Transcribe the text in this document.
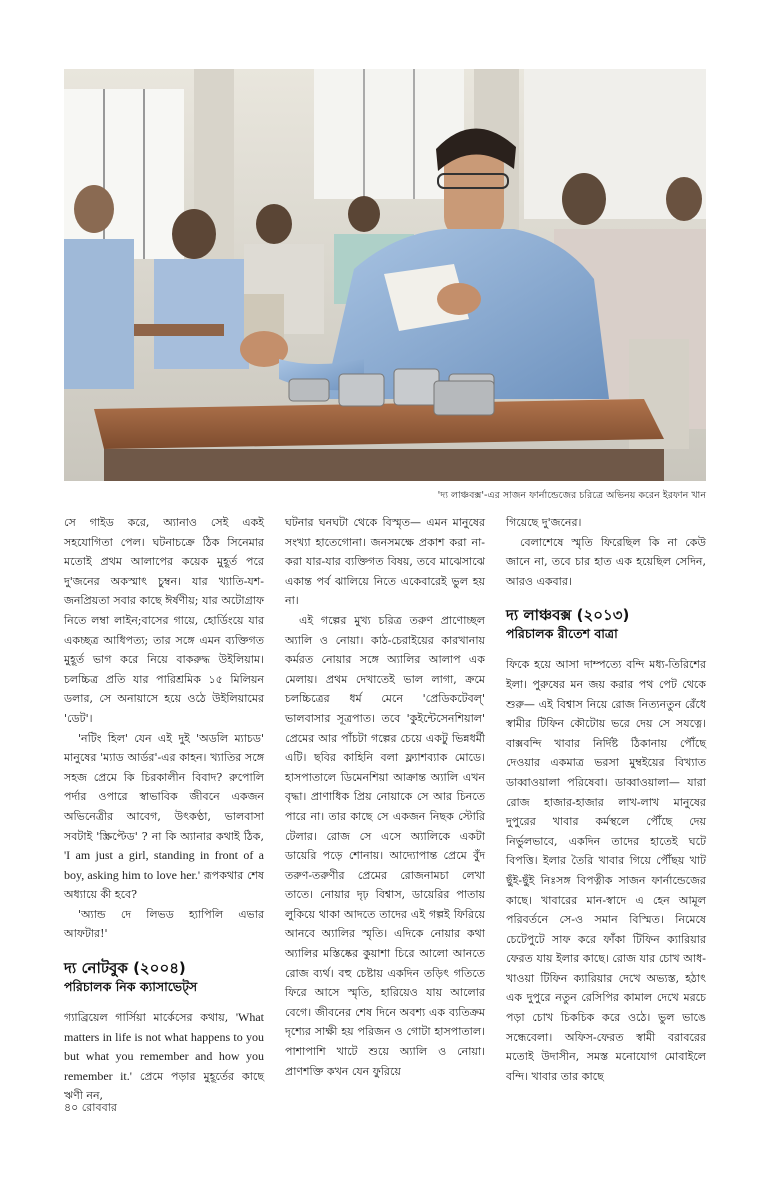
'দ্য লাঞ্চবক্স'-এর সাজন ফার্নান্ডেজের চরিত্রে অভিনয় করেন ইরফান খান

সে গাইড করে, অ্যানাও সেই একই সহযোগিতা পেল। ঘটনাচক্রে ঠিক সিনেমার মতোই প্রথম আলাপের কয়েক মুহূর্ত পরে দু'জনের অকস্মাৎ চুম্বন। যার খ্যাতি-যশ-জনপ্রিয়তা সবার কাছে ঈর্ষণীয়; যার অটোগ্রাফ নিতে লম্বা লাইন;বাসের গায়ে, হোর্ডিংয়ে যার একচ্ছত্র আধিপত্য; তার সঙ্গে এমন ব্যক্তিগত মুহূর্ত ভাগ করে নিয়ে বাকরুদ্ধ উইলিয়াম। চলচ্চিত্র প্রতি যার পারিশ্রমিক ১৫ মিলিয়ন ডলার, সে অনায়াসে হয়ে ওঠে উইলিয়ামের 'ডেট'।

'নটিং হিল' যেন এই দুই 'অডলি ম্যাচড' মানুষের 'ম্যাড আর্ডর'-এর কাহন। খ্যাতির সঙ্গে সহজ প্রেমে কি চিরকালীন বিবাদ? রুপোলি পর্দার ওপারে স্বাভাবিক জীবনে একজন অভিনেত্রীর আবেগ, উৎকণ্ঠা, ভালবাসা সবটাই 'স্ক্রিপ্টেড' ? না কি অ্যানার কথাই ঠিক, 'I am just a girl, standing in front of a boy, asking him to love her.' রূপকথার শেষ অধ্যায়ে কী হবে?

'অ্যান্ড দে লিভড হ্যাপিলি এভার আফটার!'

দ্য নোটবুক (২০০৪)

পরিচালক নিক ক্যাসাভেট্‌স

গ্যাব্রিয়েল গার্সিয়া মার্কেসের কথায়, 'What matters in life is not what happens to you but what you remember and how you remember it.' প্রেমে পড়ার মুহূর্তের কাছে ঋণী নন,

ঘটনার ঘনঘটা থেকে বিস্মৃত— এমন মানুষের সংখ্যা হাতেগোনা। জনসমক্ষে প্রকাশ করা না-করা যার-যার ব্যক্তিগত বিষয়, তবে মাঝেসাঝে একান্ত পর্ব ঝালিয়ে নিতে একেবারেই ভুল হয় না।

এই গল্পের মুখ্য চরিত্র তরুণ প্রাণোচ্ছল অ্যালি ও নোয়া। কাঠ-চেরাইয়ের কারখানায় কর্মরত নোয়ার সঙ্গে অ্যালির আলাপ এক মেলায়। প্রথম দেখাতেই ভাল লাগা, ক্রমে চলচ্চিত্রের ধর্ম মেনে 'প্রেডিকটেবল্‌' ভালবাসার সূত্রপাত। তবে 'কুইন্টেসেনশিয়াল' প্রেমের আর পাঁচটা গল্পের চেয়ে একটু ভিন্নধর্মী এটি। ছবির কাহিনি বলা ফ্ল্যাশব্যাক মোডে। হাসপাতালে ডিমেনশিয়া আক্রান্ত অ্যালি এখন বৃদ্ধা। প্রাণাধিক প্রিয় নোয়াকে সে আর চিনতে পারে না। তার কাছে সে একজন নিছক স্টোরি টেলার। রোজ সে এসে অ্যালিকে একটা ডায়েরি পড়ে শোনায়। আদ্যোপান্ত প্রেমে বুঁদ তরুণ-তরুণীর প্রেমের রোজনামচা লেখা তাতে। নোয়ার দৃঢ় বিশ্বাস, ডায়েরির পাতায় লুকিয়ে থাকা আদতে তাদের এই গল্পই ফিরিয়ে আনবে অ্যালির স্মৃতি। এদিকে নোয়ার কথা অ্যালির মস্তিষ্কের কুয়াশা চিরে আলো আনতে রোজ ব্যর্থ। বহু চেষ্টায় একদিন তড়িৎ গতিতে ফিরে আসে স্মৃতি, হারিয়েও যায় আলোর বেগে। জীবনের শেষ দিনে অবশ্য এক ব্যতিক্রম দৃশ্যের সাক্ষী হয় পরিজন ও গোটা হাসপাতাল। পাশাপাশি খাটে শুয়ে অ্যালি ও নোয়া। প্রাণশক্তি কখন যেন ফুরিয়ে

গিয়েছে দু'জনের।

বেলাশেষে স্মৃতি ফিরেছিল কি না কেউ জানে না, তবে চার হাত এক হয়েছিল সেদিন, আরও একবার।

দ্য লাঞ্চবক্স (২০১৩)

পরিচালক রীতেশ বাত্রা

ফিকে হয়ে আসা দাম্পত্যে বন্দি মধ্য-তিরিশের ইলা। পুরুষের মন জয় করার পথ পেট থেকে শুরু— এই বিশ্বাস নিয়ে রোজ নিত্যনতুন রেঁধে স্বামীর টিফিন কৌটোয় ভরে দেয় সে সযত্নে। বাক্সবন্দি খাবার নির্দিষ্ট ঠিকানায় পৌঁছে দেওয়ার একমাত্র ভরসা মুম্বইয়ের বিখ্যাত ডাব্বাওয়ালা পরিষেবা। ডাব্বাওয়ালা— যারা রোজ হাজার-হাজার লাখ-লাখ মানুষের দুপুরের খাবার কর্মস্থলে পৌঁছে দেয় নির্ভুলভাবে, একদিন তাদের হাতেই ঘটে বিপত্তি। ইলার তৈরি খাবার গিয়ে পৌঁছয় খাট ছুঁই-ছুঁই নিঃসঙ্গ বিপত্নীক সাজন ফার্নান্ডেজের কাছে। খাবারের মান-স্বাদে এ হেন আমূল পরিবর্তনে সে-ও সমান বিস্মিত। নিমেষে চেটেপুটে সাফ করে ফাঁকা টিফিন ক্যারিয়ার ফেরত যায় ইলার কাছে। রোজ যার চোখ আধ-খাওয়া টিফিন ক্যারিয়ার দেখে অভ্যস্ত, হঠাৎ এক দুপুরে নতুন রেসিপির কামাল দেখে মরচে পড়া চোখ চিকচিক করে ওঠে। ভুল ভাঙে সন্ধেবেলা। অফিস-ফেরত স্বামী বরাবরের মতোই উদাসীন, সমস্ত মনোযোগ মোবাইলে বন্দি। খাবার তার কাছে

৪০ রোববার
